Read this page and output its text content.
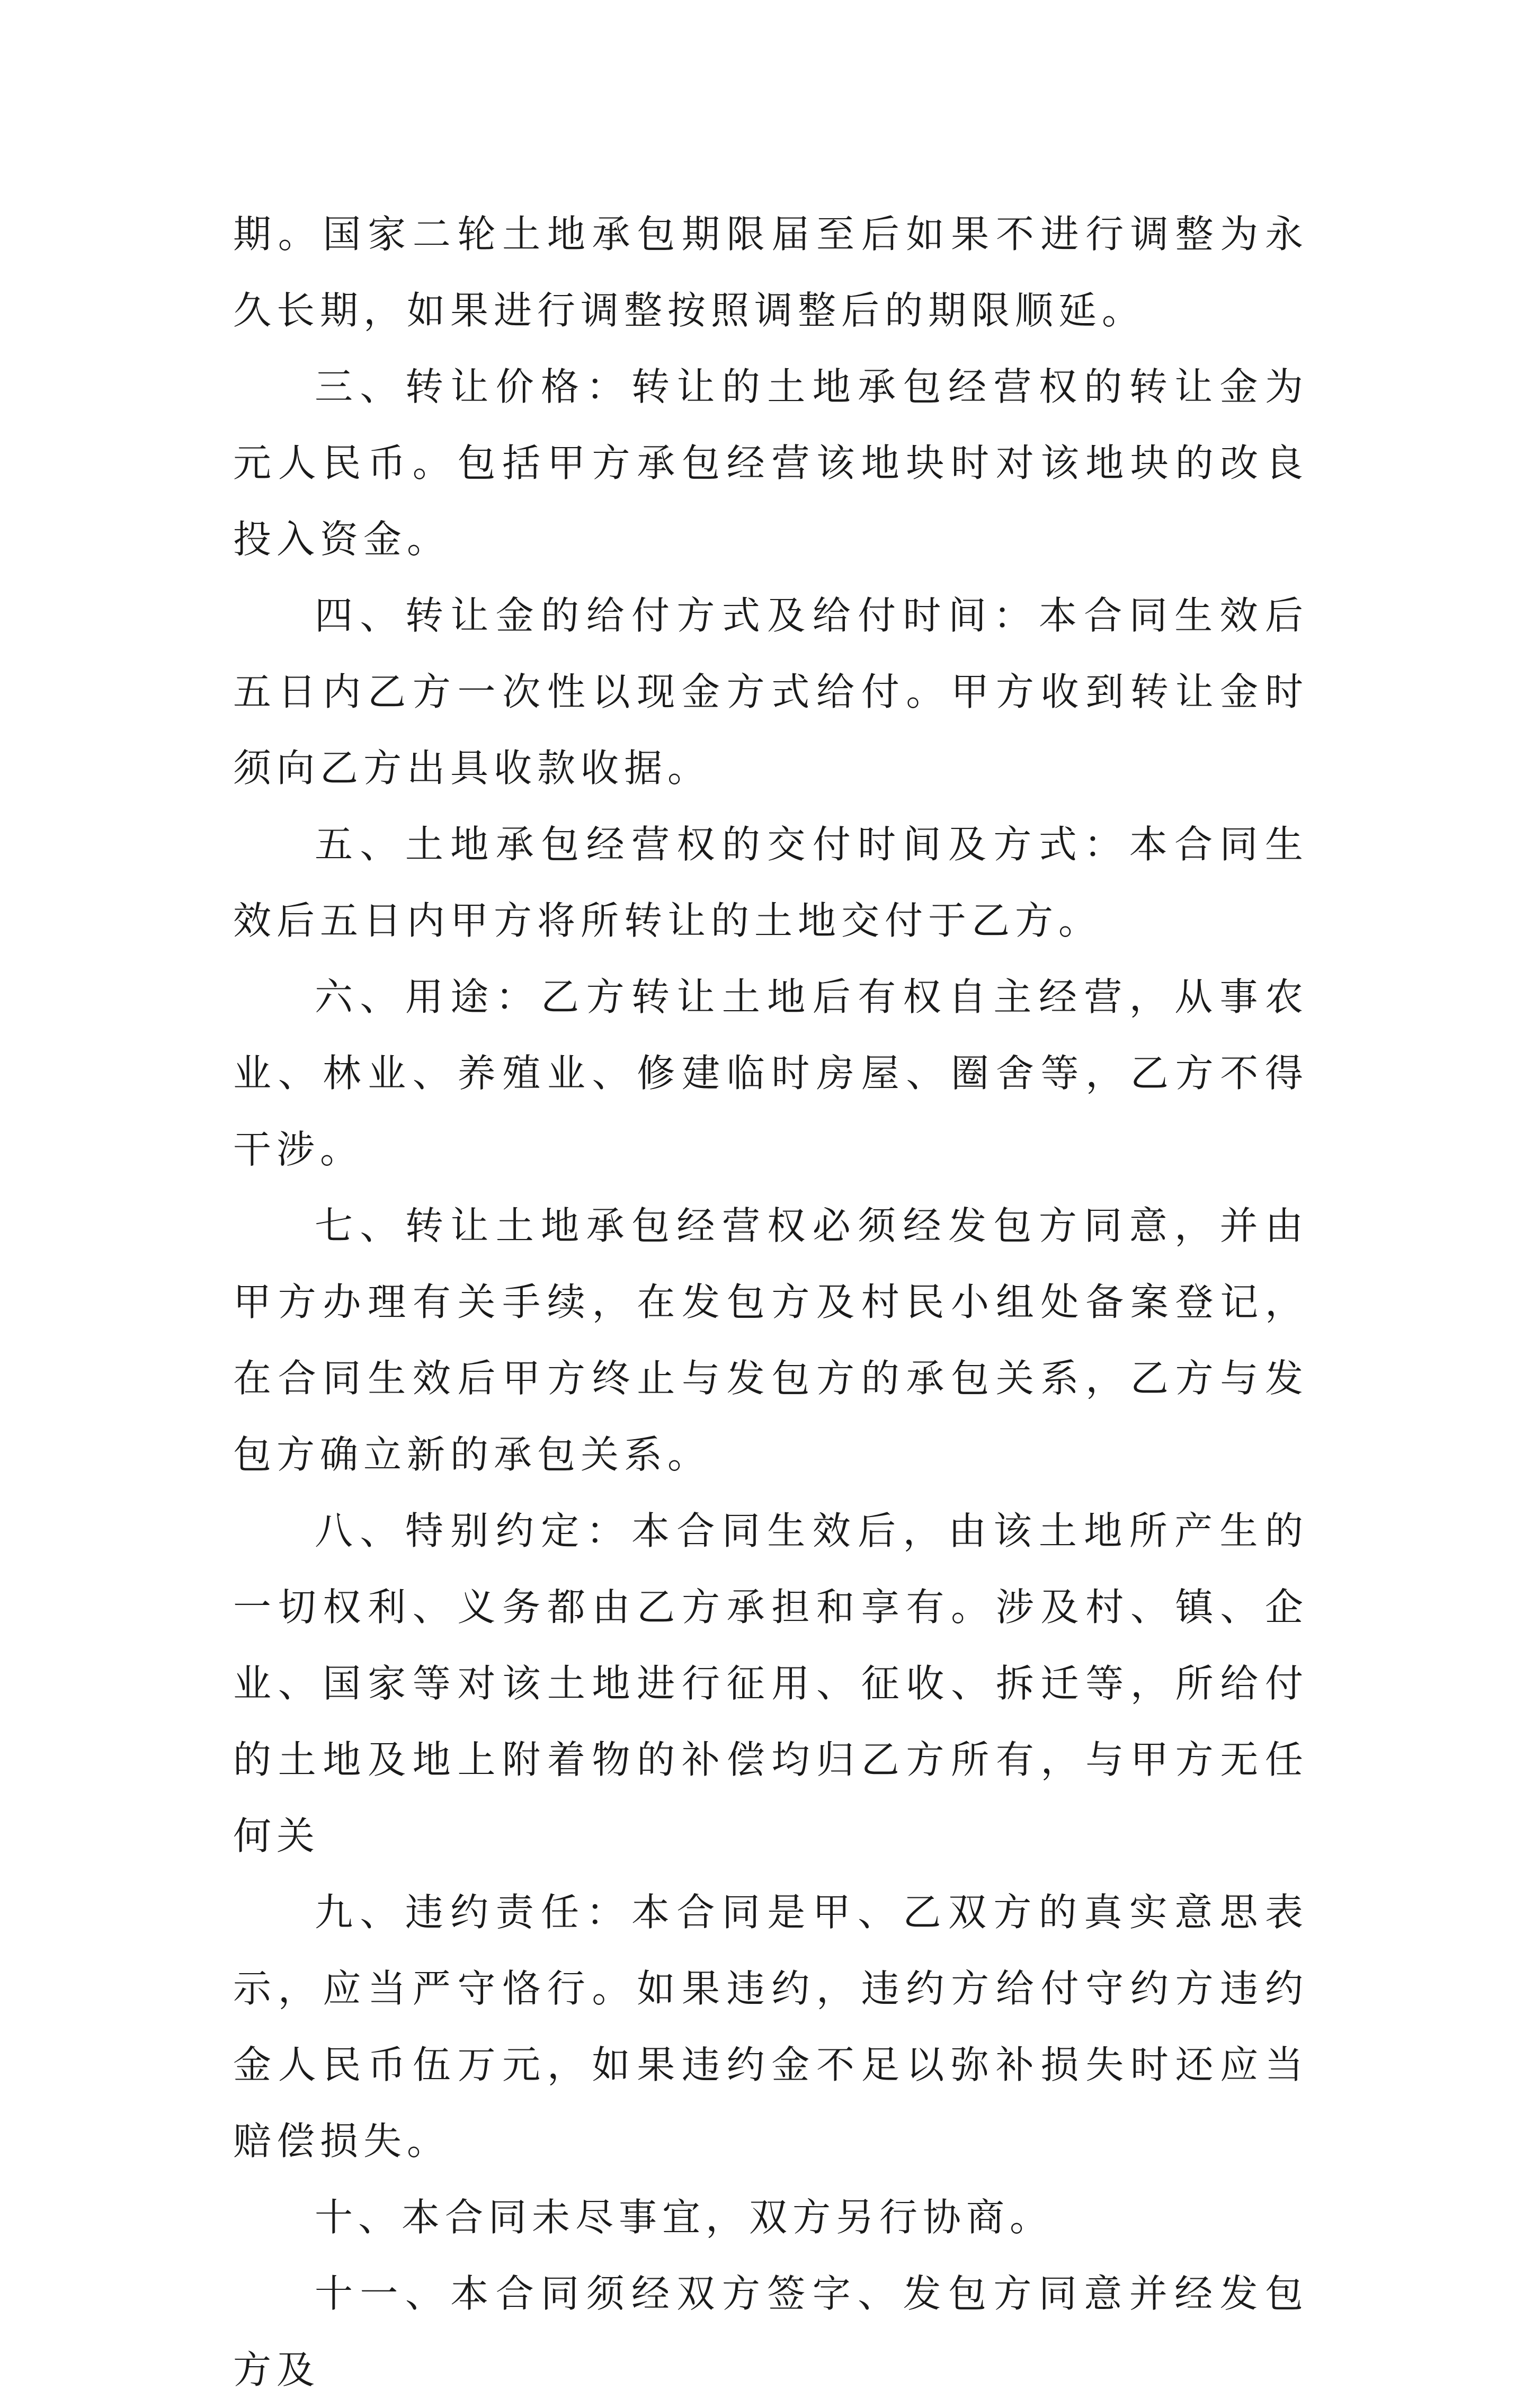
期。国家二轮土地承包期限届至后如果不进行调整为永久长期，如果进行调整按照调整后的期限顺延。

三、转让价格：转让的土地承包经营权的转让金为元人民币。包括甲方承包经营该地块时对该地块的改良投入资金。

四、转让金的给付方式及给付时间：本合同生效后五日内乙方一次性以现金方式给付。甲方收到转让金时须向乙方出具收款收据。

五、土地承包经营权的交付时间及方式：本合同生效后五日内甲方将所转让的土地交付于乙方。

六、用途：乙方转让土地后有权自主经营，从事农业、林业、养殖业、修建临时房屋、圈舍等，乙方不得干涉。

七、转让土地承包经营权必须经发包方同意，并由甲方办理有关手续，在发包方及村民小组处备案登记，在合同生效后甲方终止与发包方的承包关系，乙方与发包方确立新的承包关系。

八、特别约定：本合同生效后，由该土地所产生的一切权利、义务都由乙方承担和享有。涉及村、镇、企业、国家等对该土地进行征用、征收、拆迁等，所给付的土地及地上附着物的补偿均归乙方所有，与甲方无任何关

九、违约责任：本合同是甲、乙双方的真实意思表示，应当严守恪行。如果违约，违约方给付守约方违约金人民币伍万元，如果违约金不足以弥补损失时还应当赔偿损失。

十、本合同未尽事宜，双方另行协商。

十一、本合同须经双方签字、发包方同意并经发包方及
